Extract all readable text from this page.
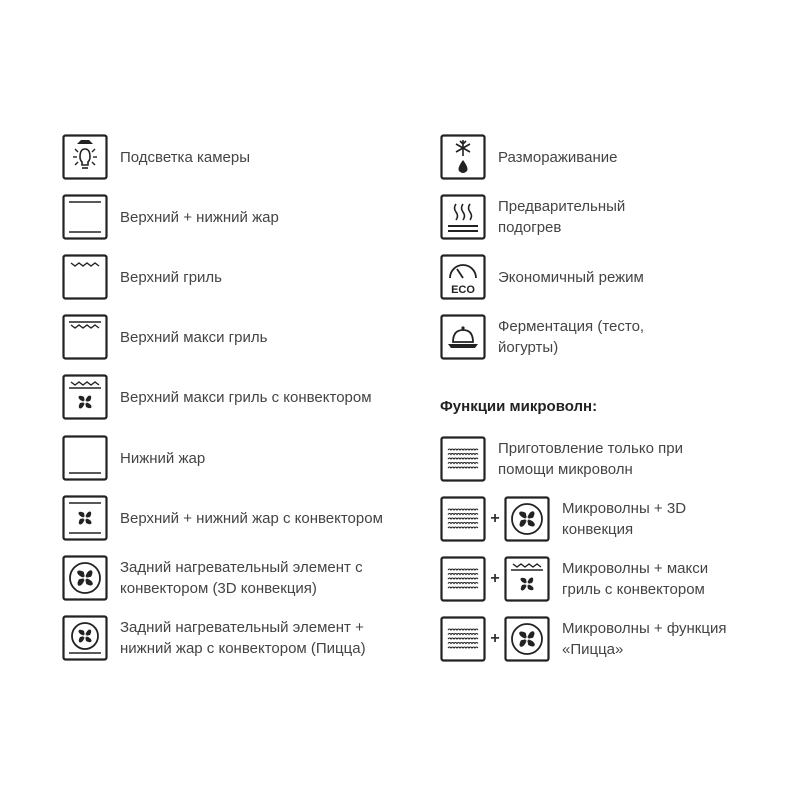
Подсветка камеры
Верхний + нижний жар
Верхний гриль
Верхний макси гриль
Верхний макси гриль с конвектором
Нижний жар
Верхний + нижний жар с конвектором
Задний нагревательный элемент с
конвектором (3D конвекция)
Задний нагревательный элемент +
нижний жар с конвектором (Пицца)
Размораживание
Предварительный
подогрев
ECO
Экономичный режим
Ферментация (тесто,
йогурты)
Функции микроволн:
Приготовление только при
помощи микроволн
+
Микроволны + 3D
конвекция
+
Микроволны + макси
гриль с конвектором
+
Микроволны + функция
«Пицца»
